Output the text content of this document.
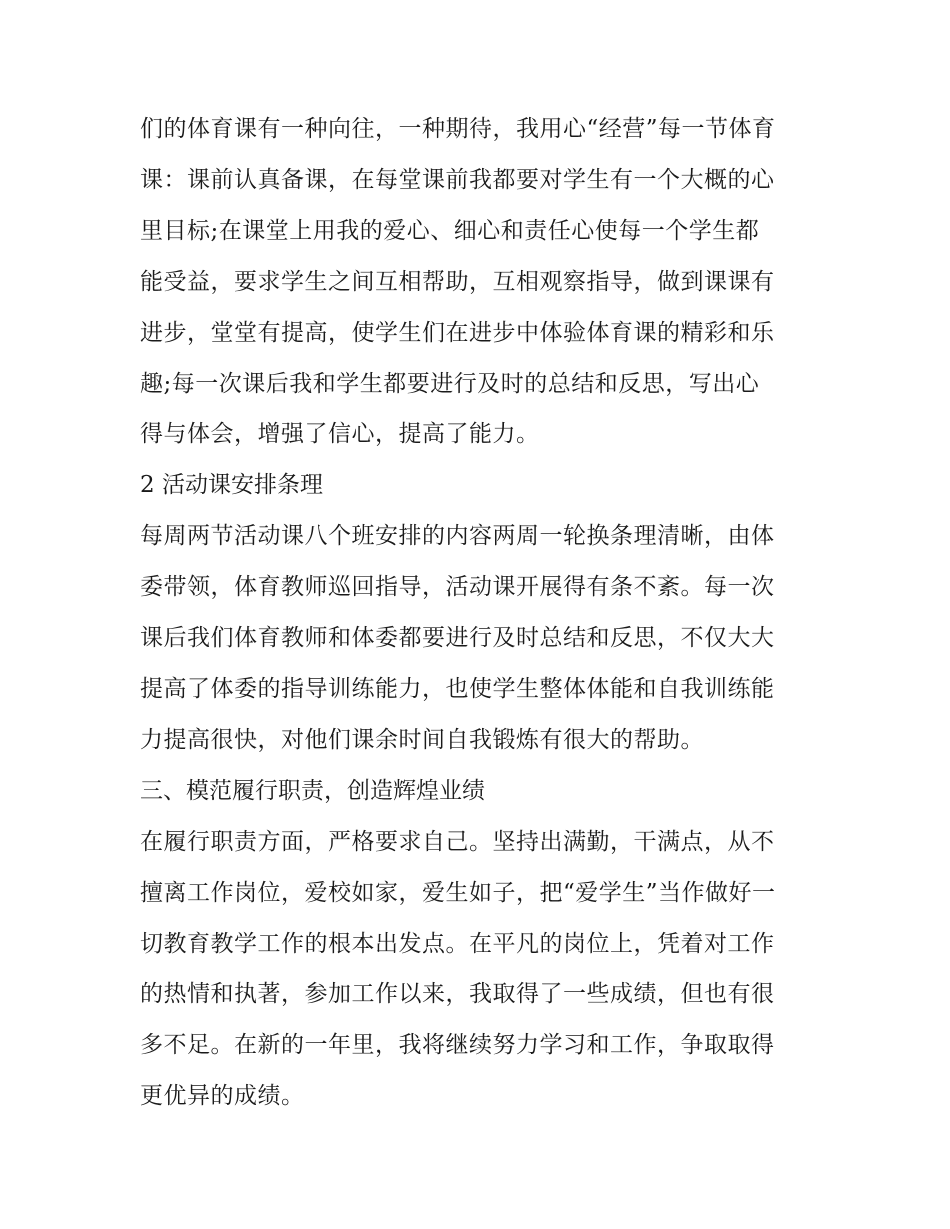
们的体育课有一种向往，一种期待，我用心“经营”每一节体育
课：课前认真备课，在每堂课前我都要对学生有一个大概的心
里目标;在课堂上用我的爱心、细心和责任心使每一个学生都
能受益，要求学生之间互相帮助，互相观察指导，做到课课有
进步，堂堂有提高，使学生们在进步中体验体育课的精彩和乐
趣;每一次课后我和学生都要进行及时的总结和反思，写出心
得与体会，增强了信心，提高了能力。

2 活动课安排条理

每周两节活动课八个班安排的内容两周一轮换条理清晰，由体
委带领，体育教师巡回指导，活动课开展得有条不紊。每一次
课后我们体育教师和体委都要进行及时总结和反思，不仅大大
提高了体委的指导训练能力，也使学生整体体能和自我训练能
力提高很快，对他们课余时间自我锻炼有很大的帮助。

三、模范履行职责，创造辉煌业绩

在履行职责方面，严格要求自己。坚持出满勤，干满点，从不
擅离工作岗位，爱校如家，爱生如子，把“爱学生”当作做好一
切教育教学工作的根本出发点。在平凡的岗位上，凭着对工作
的热情和执著，参加工作以来，我取得了一些成绩，但也有很
多不足。在新的一年里，我将继续努力学习和工作，争取取得
更优异的成绩。
